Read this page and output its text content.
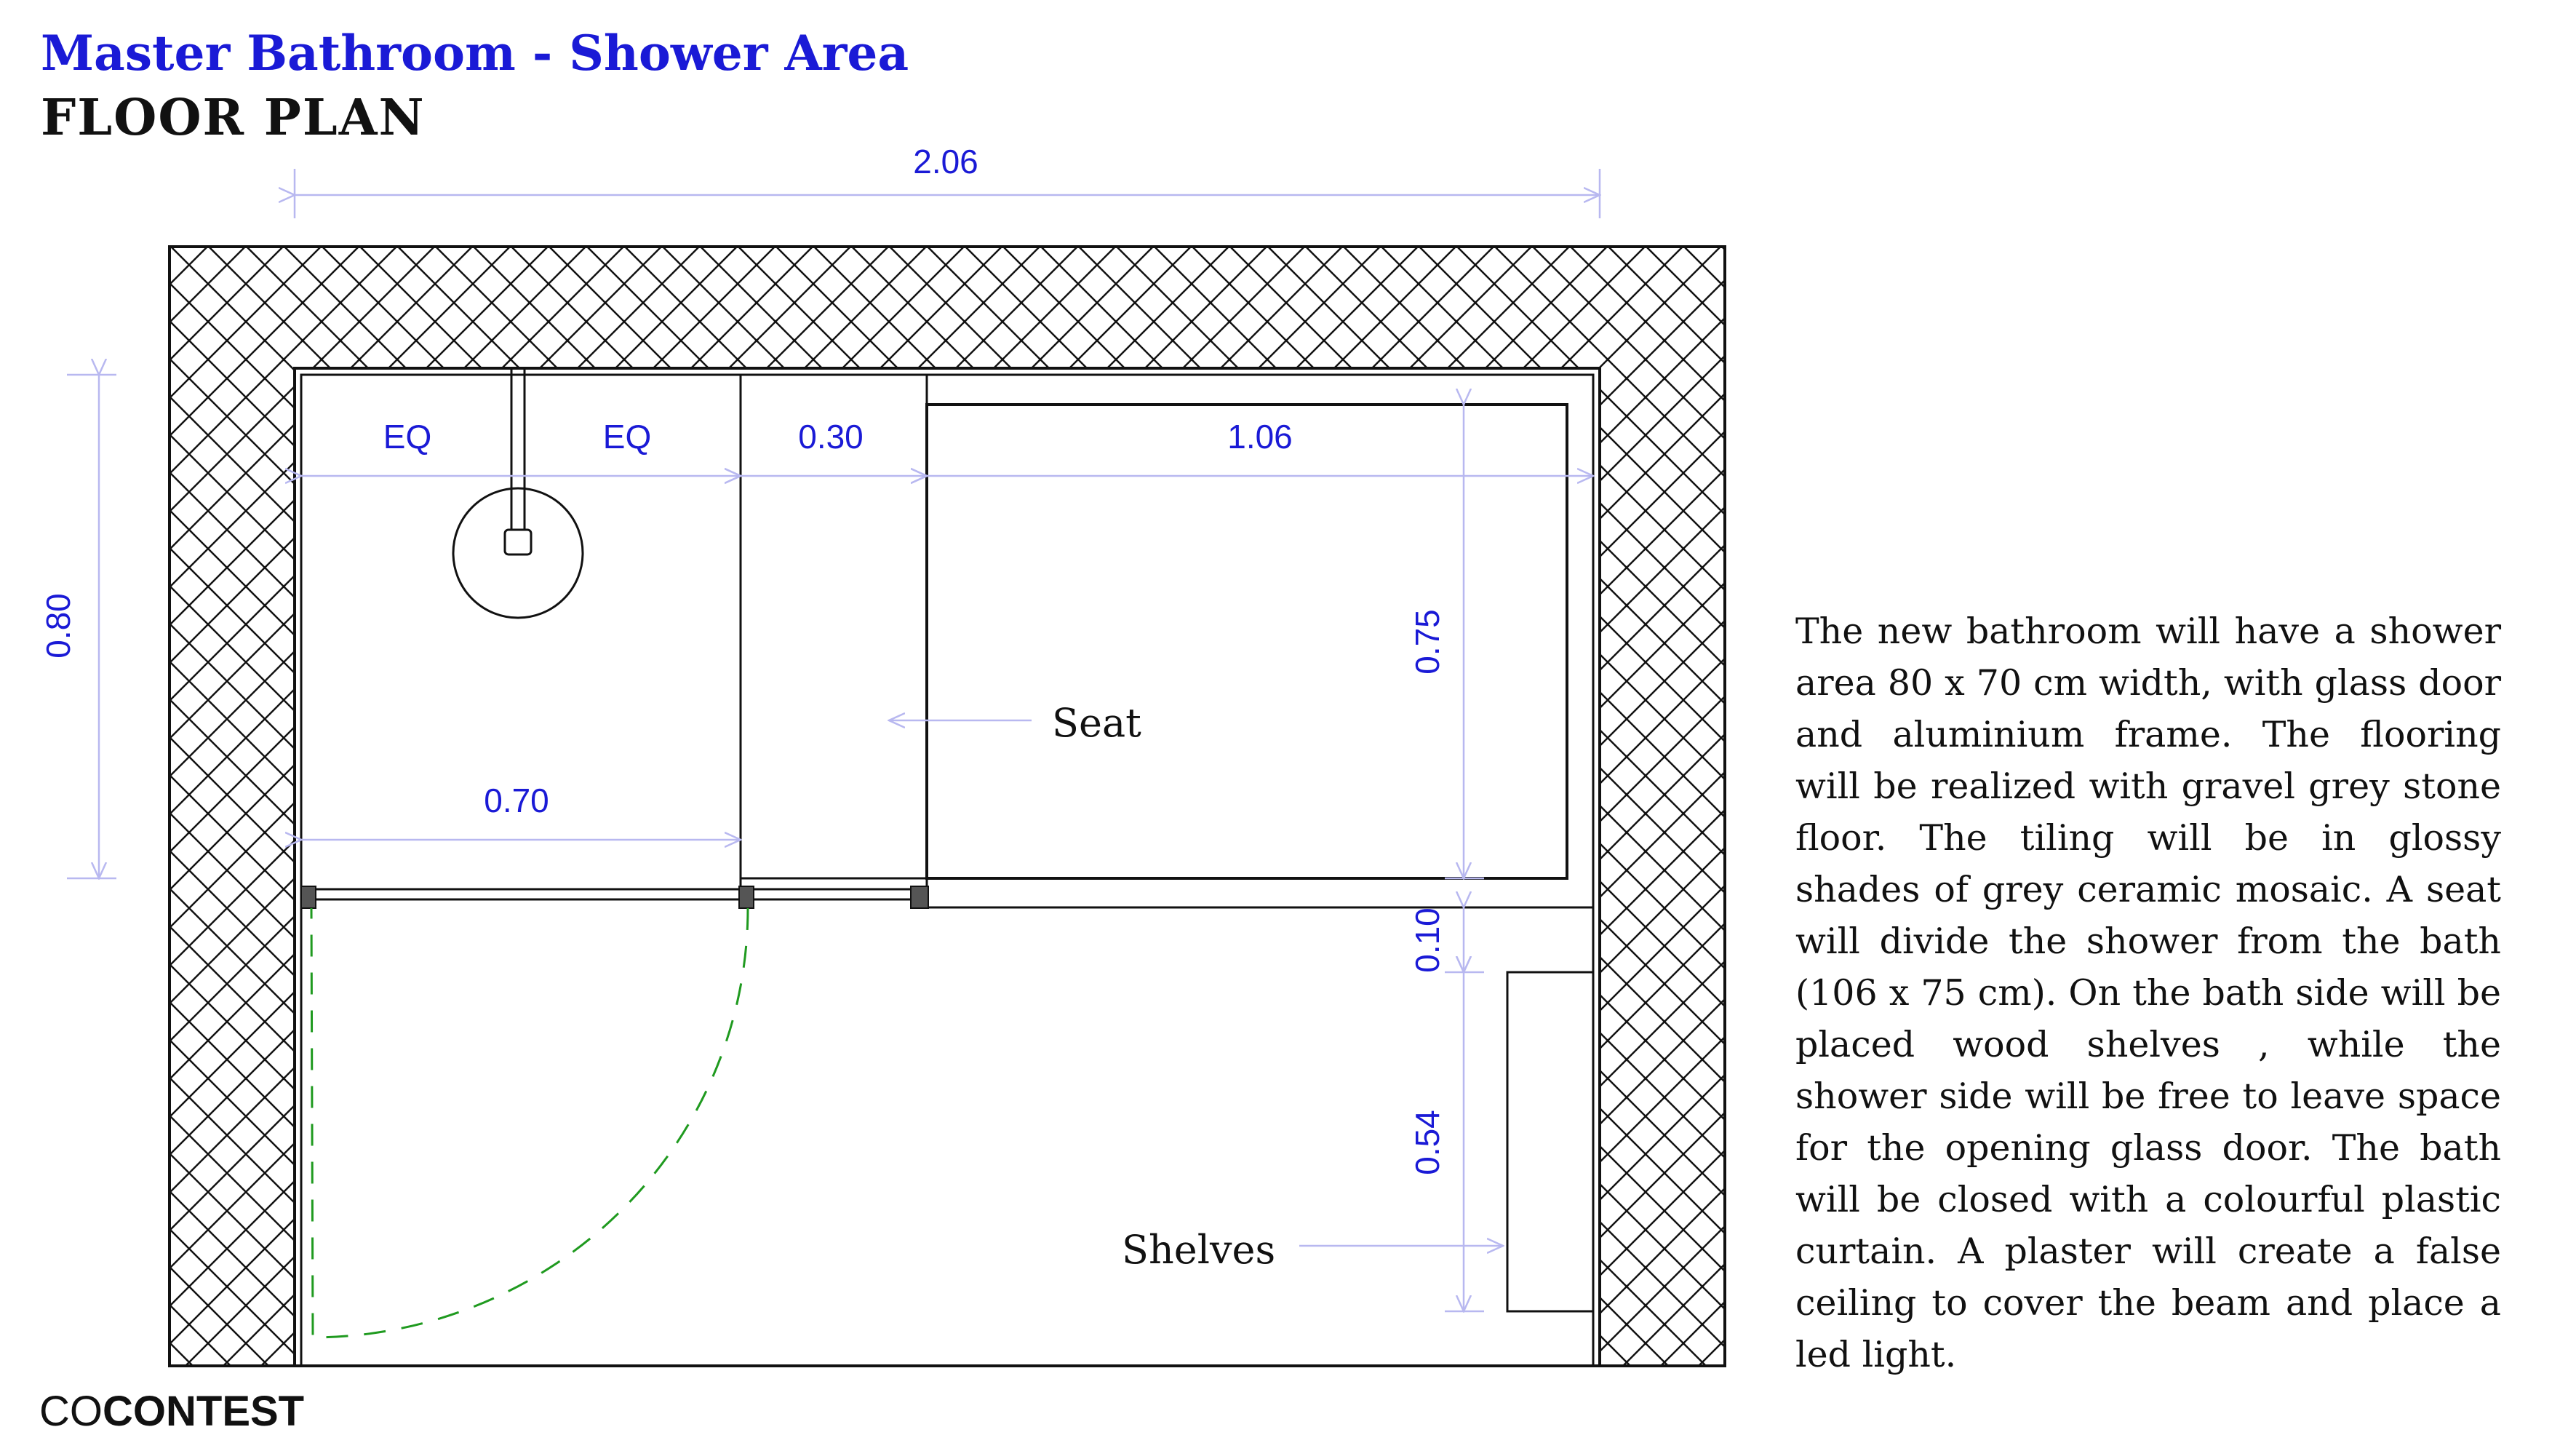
Master Bathroom - Shower Area
FLOOR PLAN
2.06
EQ	EQ	0.30	1.06
0.70
0.80	0.75
0.10
0.54
Seat
Shelves

The new bathroom will have a shower area 80 x 70 cm width, with glass door and aluminium frame. The flooring will be realized with gravel grey stone floor. The tiling will be in glossy shades of grey ceramic mosaic. A seat will divide the shower from the bath (106 x 75 cm). On the bath side will be placed wood shelves , while the shower side will be free to leave space for the opening glass door. The bath will be closed with a colourful plastic curtain. A plaster will create a false ceiling to cover the beam and place a led light.

COCONTEST
